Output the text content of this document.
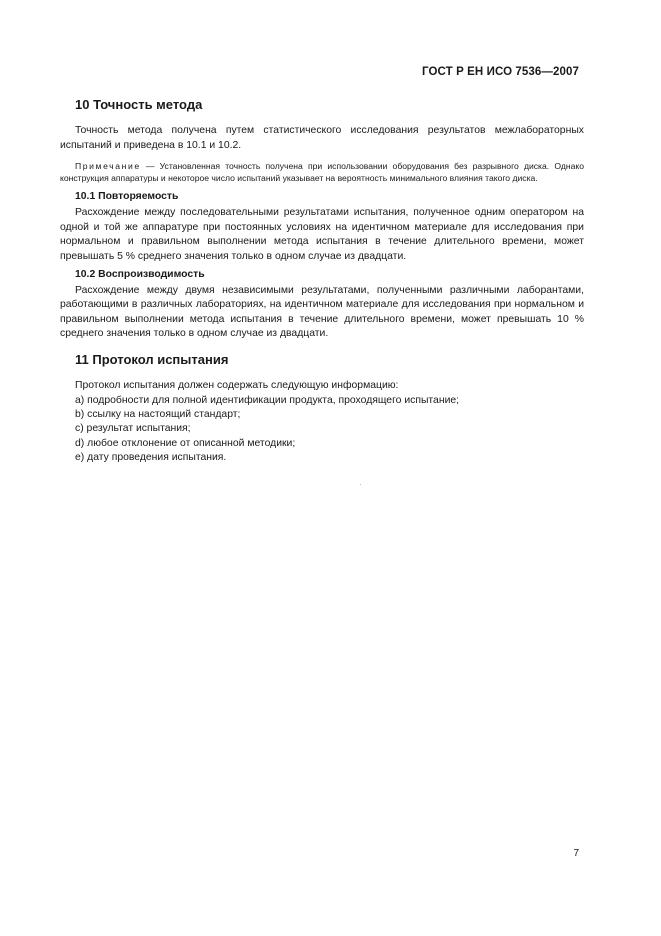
ГОСТ Р ЕН ИСО 7536—2007
10 Точность метода

Точность метода получена путем статистического исследования результатов межлабораторных испытаний и приведена в 10.1 и 10.2.

Примечание — Установленная точность получена при использовании оборудования без разрывного диска. Однако конструкция аппаратуры и некоторое число испытаний указывает на вероятность минимального влияния такого диска.

10.1 Повторяемость

Расхождение между последовательными результатами испытания, полученное одним оператором на одной и той же аппаратуре при постоянных условиях на идентичном материале для исследования при нормальном и правильном выполнении метода испытания в течение длительного времени, может превышать 5 % среднего значения только в одном случае из двадцати.

10.2 Воспроизводимость

Расхождение между двумя независимыми результатами, полученными различными лаборантами, работающими в различных лабораториях, на идентичном материале для исследования при нормальном и правильном выполнении метода испытания в течение длительного времени, может превышать 10 % среднего значения только в одном случае из двадцати.

11 Протокол испытания

Протокол испытания должен содержать следующую информацию:

a) подробности для полной идентификации продукта, проходящего испытание;
b) ссылку на настоящий стандарт;
c) результат испытания;
d) любое отклонение от описанной методики;
e) дату проведения испытания.
7
